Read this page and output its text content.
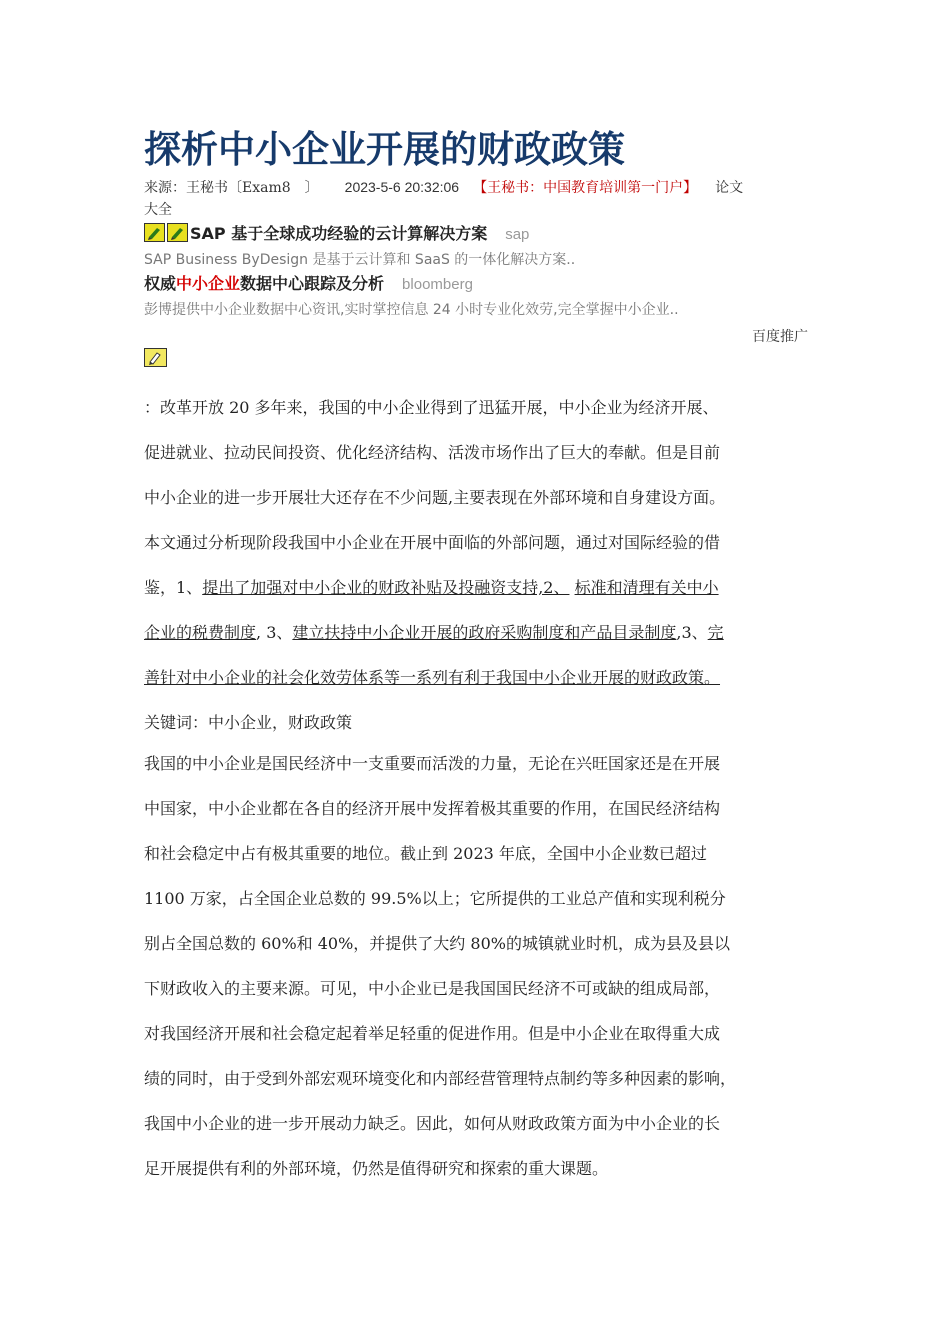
探析中小企业开展的财政政策
来源：王秘书〔Exam8　〕 2023-5-6 20:32:06 【王秘书：中国教育培训第一门户】 论文
大全
SAP 基于全球成功经验的云计算解决方案 sap
SAP Business ByDesign 是基于云计算和 SaaS 的一体化解决方案..
权威中小企业数据中心跟踪及分析 bloomberg
彭博提供中小企业数据中心资讯,实时掌控信息 24 小时专业化效劳,完全掌握中小企业..
百度推广
：改革开放 20 多年来，我国的中小企业得到了迅猛开展，中小企业为经济开展、
促进就业、拉动民间投资、优化经济结构、活泼市场作出了巨大的奉献。但是目前
中小企业的进一步开展壮大还存在不少问题,主要表现在外部环境和自身建设方面。
本文通过分析现阶段我国中小企业在开展中面临的外部问题，通过对国际经验的借
鉴，1、提出了加强对中小企业的财政补贴及投融资支持,2、 标准和清理有关中小
企业的税费制度, 3、建立扶持中小企业开展的政府采购制度和产品目录制度,3、完
善针对中小企业的社会化效劳体系等一系列有利于我国中小企业开展的财政政策。
关键词：中小企业，财政政策
我国的中小企业是国民经济中一支重要而活泼的力量，无论在兴旺国家还是在开展
中国家，中小企业都在各自的经济开展中发挥着极其重要的作用，在国民经济结构
和社会稳定中占有极其重要的地位。截止到 2023 年底，全国中小企业数已超过
1100 万家，占全国企业总数的 99.5%以上；它所提供的工业总产值和实现利税分
别占全国总数的 60%和 40%，并提供了大约 80%的城镇就业时机，成为县及县以
下财政收入的主要来源。可见，中小企业已是我国国民经济不可或缺的组成局部，
对我国经济开展和社会稳定起着举足轻重的促进作用。但是中小企业在取得重大成
绩的同时，由于受到外部宏观环境变化和内部经营管理特点制约等多种因素的影响，
我国中小企业的进一步开展动力缺乏。因此，如何从财政政策方面为中小企业的长
足开展提供有利的外部环境，仍然是值得研究和探索的重大课题。
